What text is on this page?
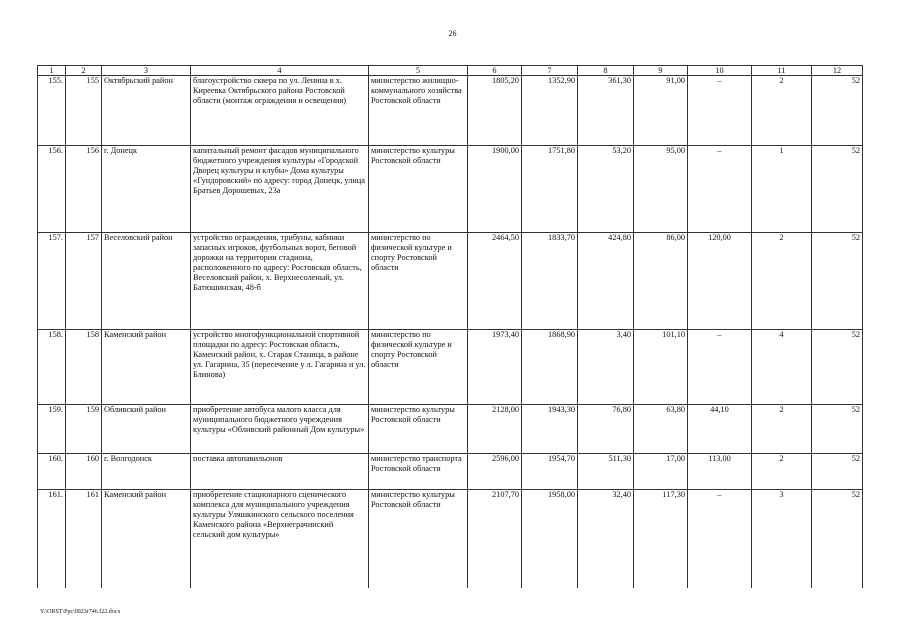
26
1	2	3	4	5	6	7	8	9	10	11	12
155.	155	Октябрьский район	благоустройство сквера по ул. Ленина в х. Киреевка Октябрьского района Ростовской области (монтаж ограждения и освещения)	министерство жилищно-коммунального хозяйства Ростовской области	1805,20	1352,90	361,30	91,00	–	2	52
156.	156	г. Донецк	капитальный ремонт фасадов муниципального бюджетного учреждения культуры «Городской Дворец культуры и клубы» Дома культуры «Гундоровский» по адресу: город Донецк, улица Братьев Дорошевых, 23а	министерство культуры Ростовской области	1900,00	1751,80	53,20	95,00	–	1	52
157.	157	Веселовский район	устройство ограждения, трибуны, кабинки запасных игроков, футбольных ворот, беговой дорожки на территории стадиона, расположенного по адресу: Ростовская область, Веселовский район, х. Верхнесоленый, ул. Батюшинская, 48-б	министерство по физической культуре и спорту Ростовской области	2464,50	1833,70	424,80	86,00	120,00	2	52
158.	158	Каменский район	устройство многофункциональной спортивной площадки по адресу: Ростовская область, Каменский район, х. Старая Станица, в районе ул. Гагарина, 35 (пересечение у л. Гагарина и ул. Блинова)	министерство по физической культуре и спорту Ростовской области	1973,40	1868,90	3,40	101,10	–	4	52
159.	159	Обливский район	приобретение автобуса малого класса для муниципального бюджетного учреждения культуры «Обливский районный Дом культуры»	министерство культуры Ростовской области	2128,00	1943,30	76,80	63,80	44,10	2	52
160.	160	г. Волгодонск	поставка автопавильонов	министерство транспорта Ростовской области	2596,00	1954,70	511,30	17,00	113,00	2	52
161.	161	Каменский район	приобретение стационарного сценического комплекса для муниципального учреждения культуры Уляшкинского сельского поселения Каменского района «Верхнеграчинский сельский дом культуры»	министерство культуры Ростовской области	2107,70	1958,00	32,40	117,30	–	3	52
Y:\ORST\Ppc\0923r746.f22.docx
